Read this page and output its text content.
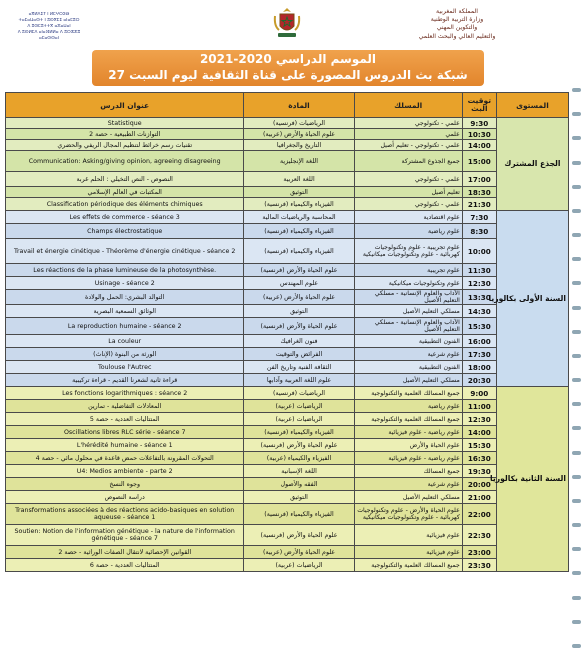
ⴰⴳⵍⴷⵉⵢ ⵏ ⵍⵎⵖⵔⵉⴱ
ⵜⴰⵎⴰⵡⴰⵙⵜ ⵏ ⵓⵙⴳⵎⵉ ⴰⵏⴰⵎⵓⵔ
ⴷ ⵓⵙⵎⵓⵜⵜⴳ ⴰⵣⴰⵡⴰⵏ
ⴷ ⵓⵙⵍⵎⴷ ⴰⵏⴰⴼⵍⵍⴰ ⴷ ⵓⵔⵣⵣⵓ ⴰⵎⴰⵙⵙⴰⵏ
المملكة المغربية
وزارة التربية الوطنية
والتكوين المهني
والتعليم العالي والبحث العلمي
الموسم الدراسي 2020-2021
شبكة بث الدروس المصورة على قناة الثقافية ليوم السبت 27
عنوان الدرس	المادة	المسلك	توقيت البث	المستوى
Statistique	الرياضيات (فرنسية)	علمي - تكنولوجي	9:30	الجذع المشترك
التوازنات الطبيعية - حصة 2	علوم الحياة والأرض (عربية)	علمي	10:30	
تقنيات رسم خرائط لتنظيم المجال الريفي والحضري	التاريخ والجغرافيا	علمي - تكنولوجي - تعليم أصيل	14:00	
Communication: Asking/giving opinion, agreeing disagreeing	اللغة الإنجليزية	جميع الجذوع المشتركة	15:00	
النصوص - النص التخيلي : الحلم غربة	اللغة العربية	علمي - تكنولوجي	17:00	
المكتبات في العالم الإسلامي	التوثيق	تعليم أصيل	18:30	
Classification périodique des éléments chimiques	الفيزياء والكيمياء (فرنسية)	علمي - تكنولوجي	21:30	
Les effets de commerce - séance 3	المحاسبة والرياضيات المالية	علوم اقتصادية	7:30	السنة الأولى بكالوريا
Champs électrostatique	الفيزياء والكيمياء (فرنسية)	علوم رياضية	8:30	
Travail et énergie cinétique - Théorème d'énergie cinétique - séance 2	الفيزياء والكيمياء (فرنسية)	علوم تجريبية - علوم وتكنولوجيات كهربائية - علوم وتكنولوجيات ميكانيكية	10:00	
Les réactions de la phase lumineuse de la photosynthèse.	علوم الحياة والأرض (فرنسية)	علوم تجريبية	11:30	
Usinage - séance 2	علوم المهندس	علوم وتكنولوجيات ميكانيكية	12:30	
التوالد البشري: الحمل والولادة	علوم الحياة والأرض (عربية)	الآداب والعلوم الإنسانية - مسلكي التعليم الأصيل	13:30	
الوثائق السمعية البصرية	التوثيق	مسلكي التعليم الأصيل	14:30	
La reproduction humaine - séance 2	علوم الحياة والأرض (فرنسية)	الآداب والعلوم الإنسانية - مسلكي التعليم الأصيل	15:30	
La couleur	فنون الغرافيك	الفنون التطبيقية	16:00	
الورثة من البنوة (الإناث)	الفرائض والتوقيت	علوم شرعية	17:30	
Toulouse l'Autrec	الثقافة الفنية وتاريخ الفن	الفنون التطبيقية	18:00	
قراءة ثانية لشعرنا القديم - قراءة تركيبية	علوم اللغة العربية وآدابها	مسلكي التعليم الأصيل	20:30	
Les fonctions logarithmiques : séance 2	الرياضيات (فرنسية)	جميع المسالك العلمية والتكنولوجية	9:00	السنة الثانية بكالوريا
المعادلات التفاضلية - تمارين	الرياضيات (عربية)	علوم رياضية	11:00	
المتتاليات العددية - حصة 5	الرياضيات (عربية)	جميع المسالك العلمية والتكنولوجية	12:30	
Oscillations libres RLC série - séance 7	الفيزياء والكيمياء (فرنسية)	علوم رياضية - علوم فيزيائية	14:00	
L'hérédité humaine - séance 1	علوم الحياة والأرض (فرنسية)	علوم الحياة والأرض	15:30	
التحولات المقرونة بالتفاعلات حمض قاعدة في محلول مائي - حصة 4	الفيزياء والكيمياء (عربية)	علوم رياضية - علوم فيزيائية	16:30	
U4: Medios ambiente - parte 2	اللغة الإسبانية	جميع المسالك	19:30	
وجوه النسخ	الفقه والأصول	علوم شرعية	20:00	
دراسة النصوص	التوثيق	مسلكي التعليم الأصيل	21:00	
Transformations associées à des réactions acido-basiques en solution aqueuse - séance 1	الفيزياء والكيمياء (فرنسية)	علوم الحياة والأرض - علوم وتكنولوجيات كهربائية - علوم وتكنولوجيات ميكانيكية	22:00	
Soutien: Notion de l'information génétique - la nature de l'information génétique - séance 7	علوم الحياة والأرض (فرنسية)	علوم فيزيائية	22:30	
القوانين الإحصائية لانتقال الصفات الوراثية - حصة 2	علوم الحياة والأرض (عربية)	علوم فيزيائية	23:00	
المتتاليات العددية - حصة 6	الرياضيات (عربية)	جميع المسالك العلمية والتكنولوجية	23:30	
